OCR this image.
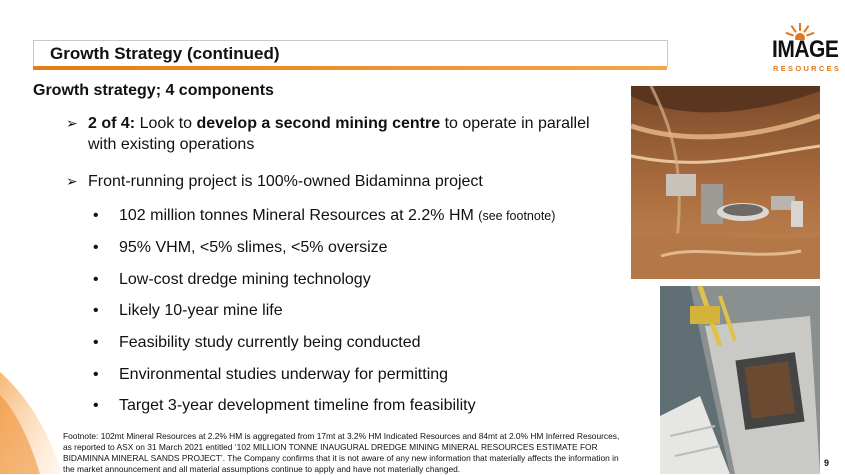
Growth Strategy (continued)	IMAGE
RESOURCES
Growth strategy; 4 components
➢ 2 of 4: Look to develop a second mining centre to operate in parallel with existing operations
➢ Front-running project is 100%-owned Bidaminna project
• 102 million tonnes Mineral Resources at 2.2% HM (see footnote)
• 95% VHM, <5% slimes, <5% oversize
• Low-cost dredge mining technology
• Likely 10-year mine life
• Feasibility study currently being conducted
• Environmental studies underway for permitting
• Target 3-year development timeline from feasibility
Footnote: 102mt Mineral Resources at 2.2% HM is aggregated from 17mt at 3.2% HM Indicated Resources and 84mt at 2.0% HM Inferred Resources, as reported to ASX on 31 March 2021 entitled ‘102 MILLION TONNE INAUGURAL DREDGE MINING MINERAL RESOURCES ESTIMATE FOR BIDAMINNA MINERAL SANDS PROJECT’. The Company confirms that it is not aware of any new information that materially affects the information in the market announcement and all material assumptions continue to apply and have not materially changed.
9
